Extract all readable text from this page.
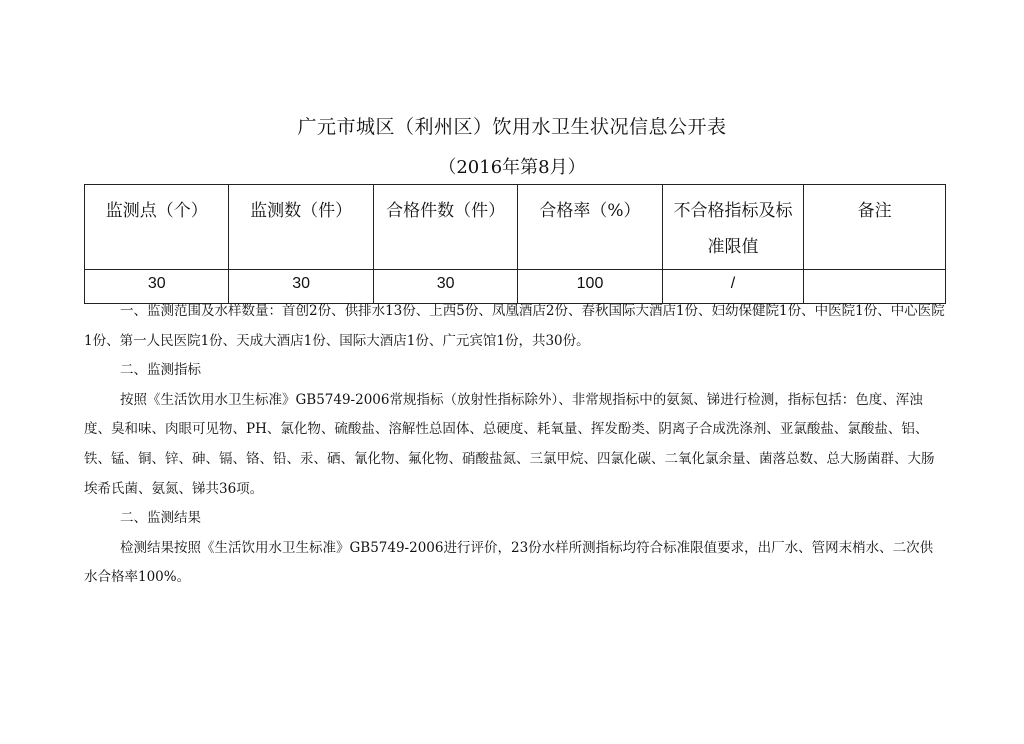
广元市城区（利州区）饮用水卫生状况信息公开表
（2016年第8月）
监测点（个）	监测数（件）	合格件数（件）	合格率（%）	不合格指标及标准限值	备注
30	30	30	100	/	

一、监测范围及水样数量：首创2份、供排水13份、上西5份、凤凰酒店2份、春秋国际大酒店1份、妇幼保健院1份、中医院1份、中心医院1份、第一人民医院1份、天成大酒店1份、国际大酒店1份、广元宾馆1份，共30份。

二、监测指标

按照《生活饮用水卫生标准》GB5749-2006常规指标（放射性指标除外）、非常规指标中的氨氮、锑进行检测，指标包括：色度、浑浊度、臭和味、肉眼可见物、PH、氯化物、硫酸盐、溶解性总固体、总硬度、耗氧量、挥发酚类、阴离子合成洗涤剂、亚氯酸盐、氯酸盐、铝、铁、锰、铜、锌、砷、镉、铬、铅、汞、硒、氰化物、氟化物、硝酸盐氮、三氯甲烷、四氯化碳、二氧化氯余量、菌落总数、总大肠菌群、大肠埃希氏菌、氨氮、锑共36项。

二、监测结果

检测结果按照《生活饮用水卫生标准》GB5749-2006进行评价，23份水样所测指标均符合标准限值要求，出厂水、管网末梢水、二次供水合格率100%。
